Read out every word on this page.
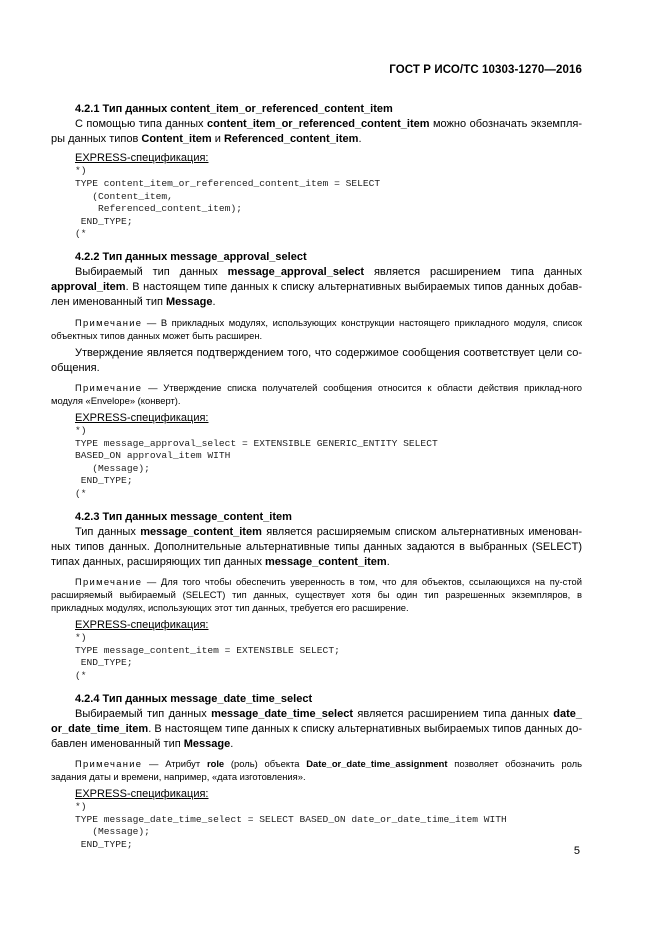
ГОСТ Р ИСО/ТС 10303-1270—2016
4.2.1 Тип данных content_item_or_referenced_content_item

С помощью типа данных content_item_or_referenced_content_item можно обозначать экземпля-ры данных типов Content_item и Referenced_content_item.

EXPRESS-спецификация:
*)
TYPE content_item_or_referenced_content_item = SELECT
(Content_item,
Referenced_content_item);
END_TYPE;
(*
4.2.2 Тип данных message_approval_select

Выбираемый тип данных message_approval_select является расширением типа данных approval_item. В настоящем типе данных к списку альтернативных выбираемых типов данных добав-лен именованный тип Message.

Примечание — В прикладных модулях, использующих конструкции настоящего прикладного модуля, список объектных типов данных может быть расширен.

Утверждение является подтверждением того, что содержимое сообщения соответствует цели со-общения.

Примечание — Утверждение списка получателей сообщения относится к области действия приклад-ного модуля «Envelope» (конверт).

EXPRESS-спецификация:
*)
TYPE message_approval_select = EXTENSIBLE GENERIC_ENTITY SELECT
BASED_ON approval_item WITH
(Message);
END_TYPE;
(*
4.2.3 Тип данных message_content_item

Тип данных message_content_item является расширяемым списком альтернативных именован-ных типов данных. Дополнительные альтернативные типы данных задаются в выбранных (SELECT) типах данных, расширяющих тип данных message_content_item.

Примечание — Для того чтобы обеспечить уверенность в том, что для объектов, ссылающихся на пу-стой расширяемый выбираемый (SELECT) тип данных, существует хотя бы один тип разрешенных экземпляров, в прикладных модулях, использующих этот тип данных, требуется его расширение.

EXPRESS-спецификация:
*)
TYPE message_content_item = EXTENSIBLE SELECT;
END_TYPE;
(*
4.2.4 Тип данных message_date_time_select

Выбираемый тип данных message_date_time_select является расширением типа данных date_ or_date_time_item. В настоящем типе данных к списку альтернативных выбираемых типов данных до-бавлен именованный тип Message.

Примечание — Атрибут role (роль) объекта Date_or_date_time_assignment позволяет обозначить роль задания даты и времени, например, «дата изготовления».

EXPRESS-спецификация:
*)
TYPE message_date_time_select = SELECT BASED_ON date_or_date_time_item WITH
(Message);
END_TYPE;
5
